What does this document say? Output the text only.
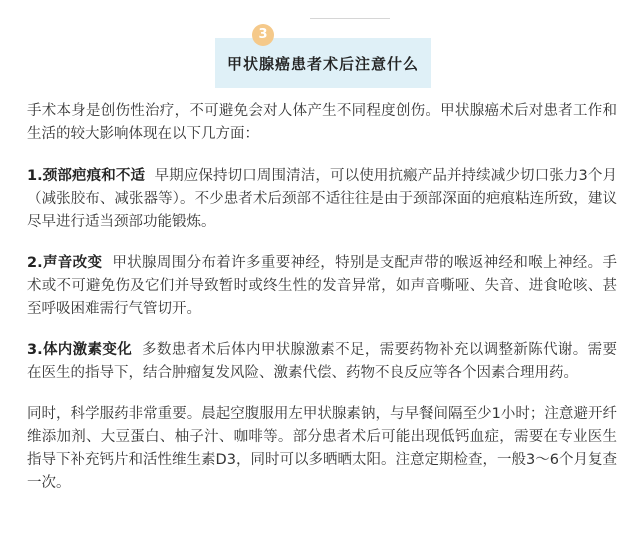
3
甲状腺癌患者术后注意什么

手术本身是创伤性治疗，不可避免会对人体产生不同程度创伤。甲状腺癌术后对患者工作和生活的较大影响体现在以下几方面：

1.颈部疤痕和不适 早期应保持切口周围清洁，可以使用抗瘢产品并持续减少切口张力3个月（减张胶布、减张器等）。不少患者术后颈部不适往往是由于颈部深面的疤痕粘连所致，建议尽早进行适当颈部功能锻炼。

2.声音改变 甲状腺周围分布着许多重要神经，特别是支配声带的喉返神经和喉上神经。手术或不可避免伤及它们并导致暂时或终生性的发音异常，如声音嘶哑、失音、进食呛咳、甚至呼吸困难需行气管切开。

3.体内激素变化 多数患者术后体内甲状腺激素不足，需要药物补充以调整新陈代谢。需要在医生的指导下，结合肿瘤复发风险、激素代偿、药物不良反应等各个因素合理用药。

同时，科学服药非常重要。晨起空腹服用左甲状腺素钠，与早餐间隔至少1小时；注意避开纤维添加剂、大豆蛋白、柚子汁、咖啡等。部分患者术后可能出现低钙血症，需要在专业医生指导下补充钙片和活性维生素D3，同时可以多晒晒太阳。注意定期检查，一般3～6个月复查一次。
